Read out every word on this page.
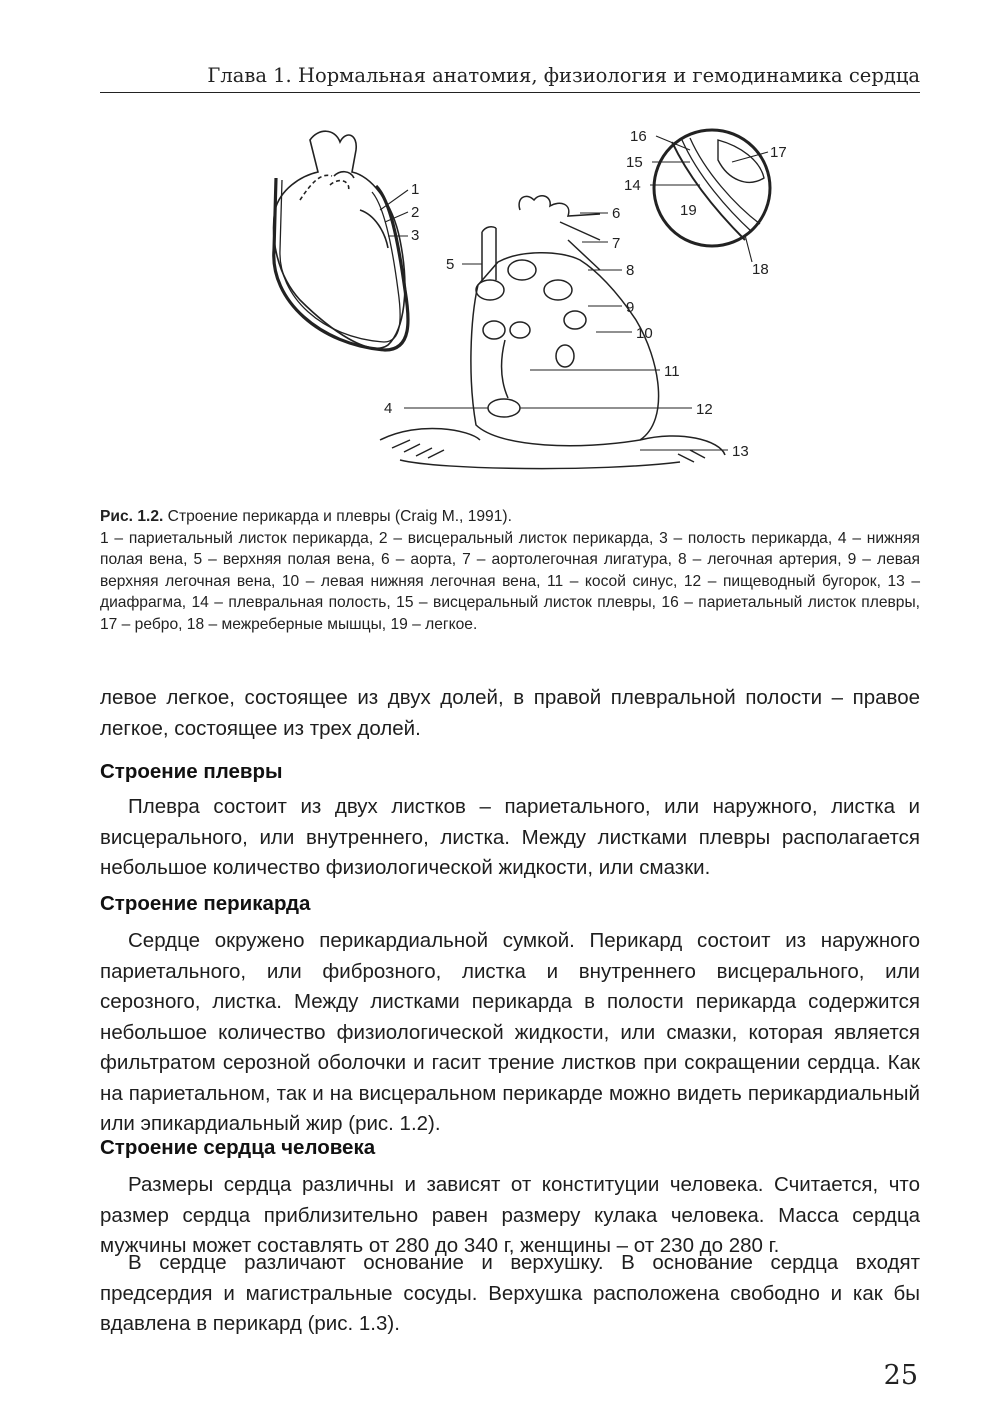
Глава 1. Нормальная анатомия, физиология и гемодинамика сердца
1
2
3
4
5
6
7
8
9
10
11
12
13
14
15
16
17
18
19
Рис. 1.2. Строение перикарда и плевры (Craig M., 1991).
1 – париетальный листок перикарда, 2 – висцеральный листок перикарда, 3 – полость перикарда, 4 – нижняя полая вена, 5 – верхняя полая вена, 6 – аорта, 7 – аортолегочная лигатура, 8 – легочная артерия, 9 – левая верхняя легочная вена, 10 – левая нижняя легочная вена, 11 – косой синус, 12 – пищеводный бугорок, 13 – диафрагма, 14 – плевральная полость, 15 – висцеральный листок плевры, 16 – париетальный листок плевры, 17 – ребро, 18 – межреберные мышцы, 19 – легкое.

левое легкое, состоящее из двух долей, в правой плевральной полости – правое легкое, состоящее из трех долей.

Строение плевры

Плевра состоит из двух листков – париетального, или наружного, листка и висцерального, или внутреннего, листка. Между листками плевры располагается небольшое количество физиологической жидкости, или смазки.

Строение перикарда

Сердце окружено перикардиальной сумкой. Перикард состоит из наружного париетального, или фиброзного, листка и внутреннего висцерального, или серозного, листка. Между листками перикарда в полости перикарда содержится небольшое количество физиологической жидкости, или смазки, которая является фильтратом серозной оболочки и гасит трение листков при сокращении сердца. Как на париетальном, так и на висцеральном перикарде можно видеть перикардиальный или эпикардиальный жир (рис. 1.2).

Строение сердца человека

Размеры сердца различны и зависят от конституции человека. Считается, что размер сердца приблизительно равен размеру кулака человека. Масса сердца мужчины может составлять от 280 до 340 г, женщины – от 230 до 280 г.

В сердце различают основание и верхушку. В основание сердца входят предсердия и магистральные сосуды. Верхушка расположена свободно и как бы вдавлена в перикард (рис. 1.3).

25
